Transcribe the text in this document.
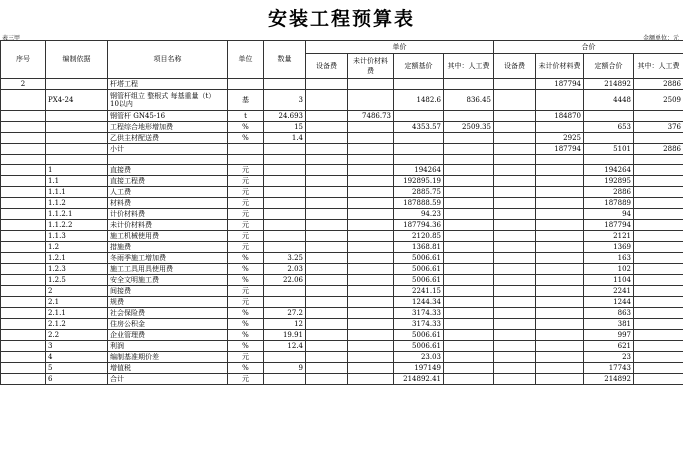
安装工程预算表
表三甲	金额单位：元
序号	编制依据	项目名称	单位	数量	单价				合价			
					设备费	未计价材料费	定额基价	其中：人工费	设备费	未计价材料费	定额合价	其中：人工费
2		杆塔工程								187794	214892	2886
	PX4-24	钢管杆组立 整根式 每基重量（t） 10以内	基	3			1482.6	836.45			4448	2509
		钢管杆 GN45-16	t	24.693		7486.73				184870		
		工程综合地形增加费	%	15			4353.57	2509.35			653	376
		乙供主材配送费	%	1.4						2925		
		小计								187794	5101	2886

	1	直接费	元				194264				194264	
	1.1	直接工程费	元				192895.19				192895	
	1.1.1	人工费	元				2885.75				2886	
	1.1.2	材料费	元				187888.59				187889	
	1.1.2.1	计价材料费	元				94.23				94	
	1.1.2.2	未计价材料费	元				187794.36				187794	
	1.1.3	施工机械使用费	元				2120.85				2121	
	1.2	措施费	元				1368.81				1369	
	1.2.1	冬雨季施工增加费	%	3.25			5006.61				163	
	1.2.3	施工工具用具使用费	%	2.03			5006.61				102	
	1.2.5	安全文明施工费	%	22.06			5006.61				1104	
	2	间接费	元				2241.15				2241	
	2.1	规费	元				1244.34				1244	
	2.1.1	社会保险费	%	27.2			3174.33				863	
	2.1.2	住房公积金	%	12			3174.33				381	
	2.2	企业管理费	%	19.91			5006.61				997	
	3	利润	%	12.4			5006.61				621	
	4	编制基准期价差	元				23.03				23	
	5	增值税	%	9			197149				17743	
	6	合计	元				214892.41				214892	
